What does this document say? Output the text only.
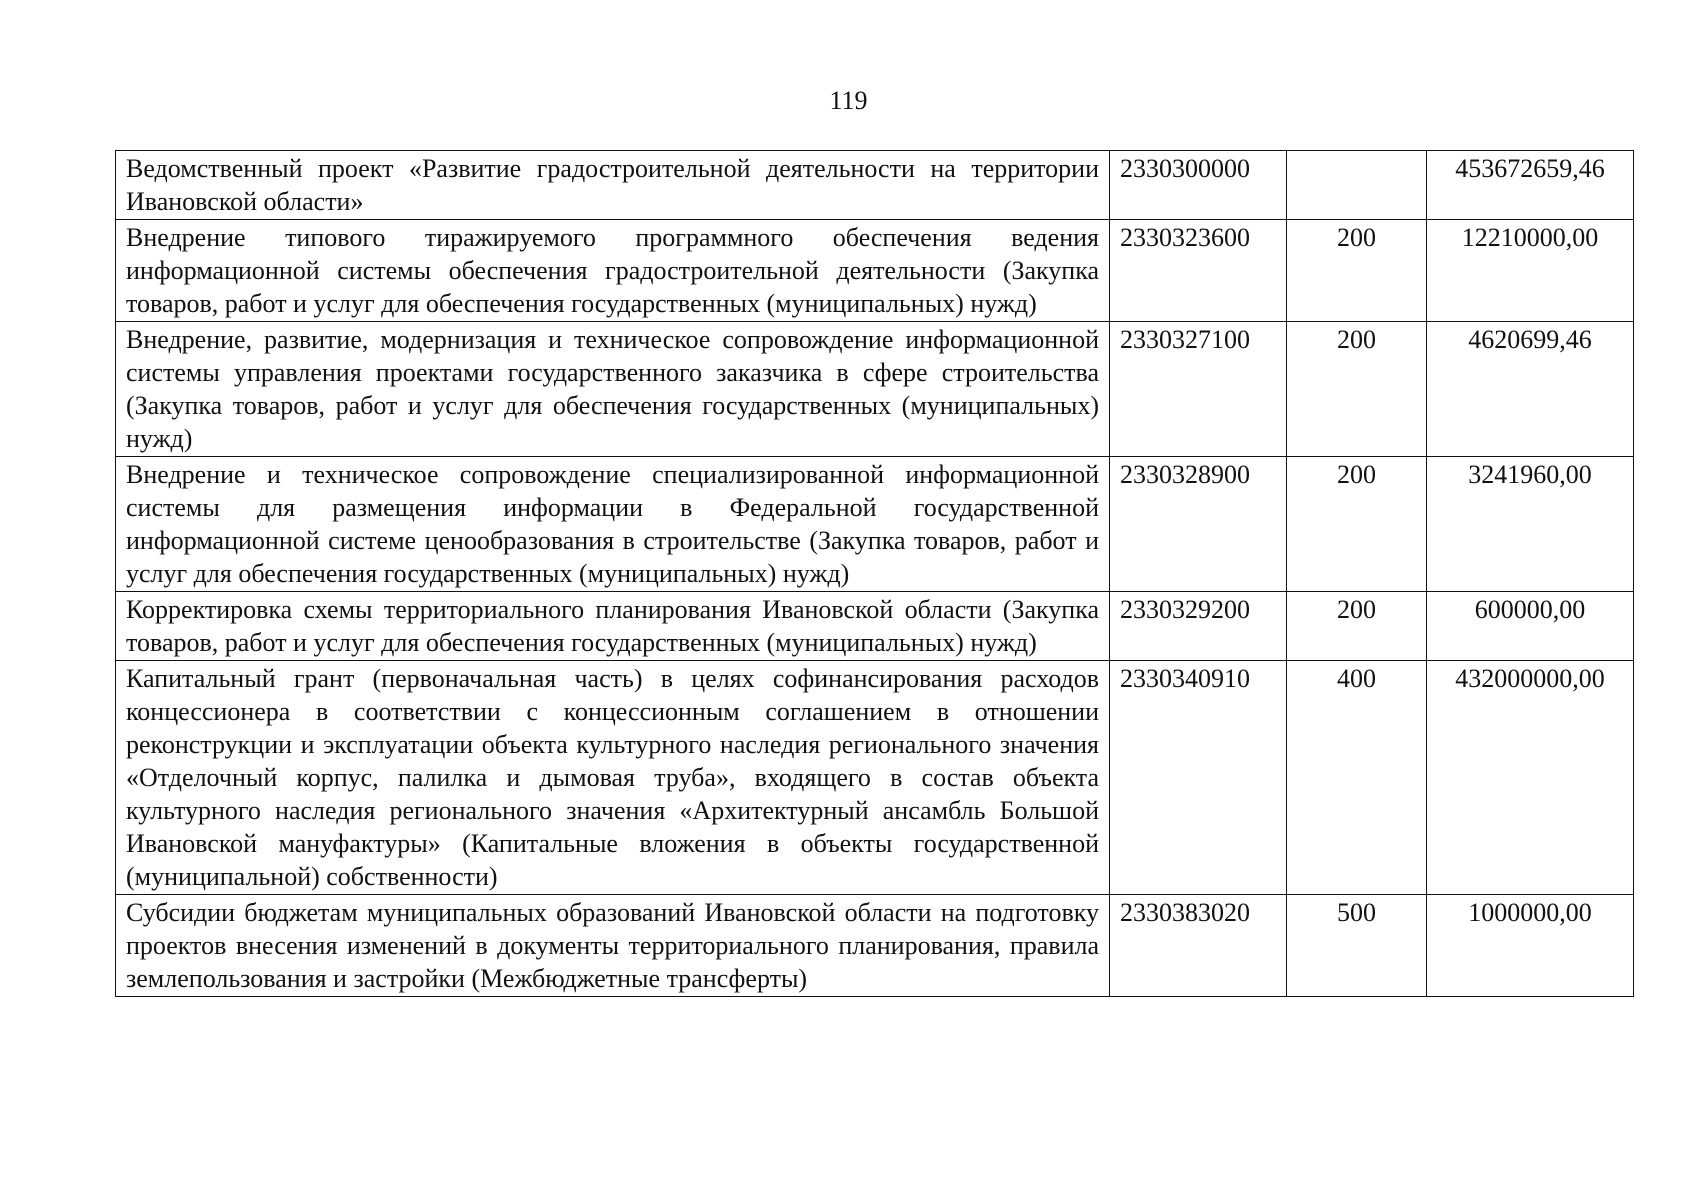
119
Ведомственный проект «Развитие градостроительной деятельности на территории Ивановской области»	2330300000		453672659,46
Внедрение типового тиражируемого программного обеспечения ведения информационной системы обеспечения градостроительной деятельности (Закупка товаров, работ и услуг для обеспечения государственных (муниципальных) нужд)	2330323600	200	12210000,00
Внедрение, развитие, модернизация и техническое сопровождение информационной системы управления проектами государственного заказчика в сфере строительства (Закупка товаров, работ и услуг для обеспечения государственных (муниципальных) нужд)	2330327100	200	4620699,46
Внедрение и техническое сопровождение специализированной информационной системы для размещения информации в Федеральной государственной информационной системе ценообразования в строительстве (Закупка товаров, работ и услуг для обеспечения государственных (муниципальных) нужд)	2330328900	200	3241960,00
Корректировка схемы территориального планирования Ивановской области (Закупка товаров, работ и услуг для обеспечения государственных (муниципальных) нужд)	2330329200	200	600000,00
Капитальный грант (первоначальная часть) в целях софинансирования расходов концессионера в соответствии с концессионным соглашением в отношении реконструкции и эксплуатации объекта культурного наследия регионального значения «Отделочный корпус, палилка и дымовая труба», входящего в состав объекта культурного наследия регионального значения «Архитектурный ансамбль Большой Ивановской мануфактуры» (Капитальные вложения в объекты государственной (муниципальной) собственности)	2330340910	400	432000000,00
Субсидии бюджетам муниципальных образований Ивановской области на подготовку проектов внесения изменений в документы территориального планирования, правила землепользования и застройки (Межбюджетные трансферты)	2330383020	500	1000000,00
